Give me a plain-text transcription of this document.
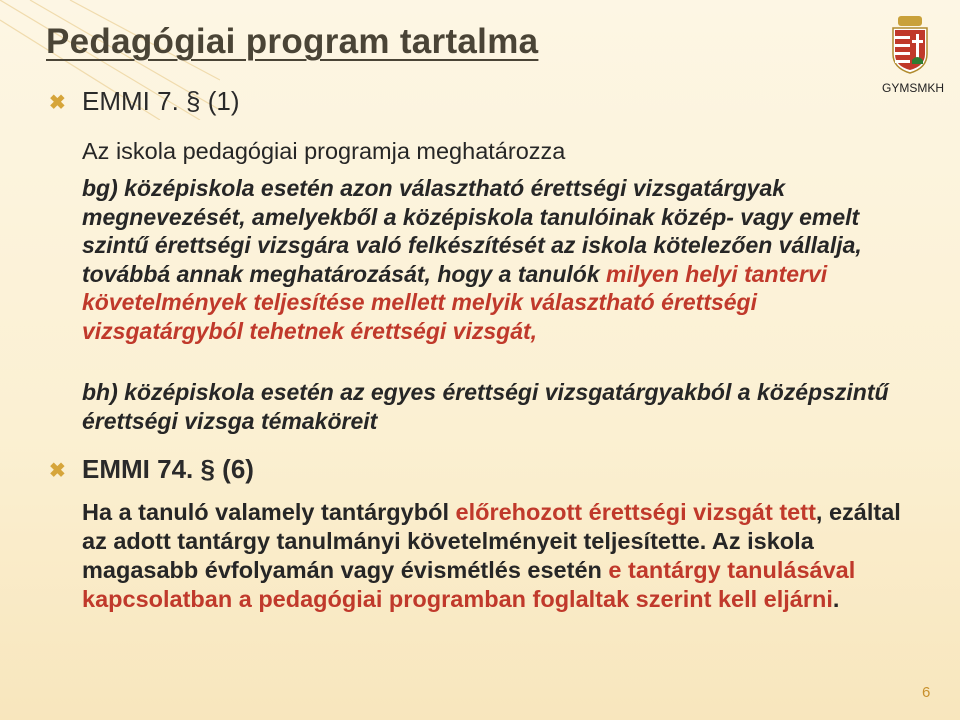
Pedagógiai program tartalma
GYMSMKH
✖ EMMI 7. § (1)
Az iskola pedagógiai programja meghatározza
bg) középiskola esetén azon választható érettségi vizsgatárgyak megnevezését, amelyekből a középiskola tanulóinak közép- vagy emelt szintű érettségi vizsgára való felkészítését az iskola kötelezően vállalja, továbbá annak meghatározását, hogy a tanulók milyen helyi tantervi követelmények teljesítése mellett melyik választható érettségi vizsgatárgyból tehetnek érettségi vizsgát,
bh) középiskola esetén az egyes érettségi vizsgatárgyakból a középszintű érettségi vizsga témaköreit
✖ EMMI 74. § (6)
Ha a tanuló valamely tantárgyból előrehozott érettségi vizsgát tett, ezáltal az adott tantárgy tanulmányi követelményeit teljesítette. Az iskola magasabb évfolyamán vagy évismétlés esetén e tantárgy tanulásával kapcsolatban a pedagógiai programban foglaltak szerint kell eljárni.
6
